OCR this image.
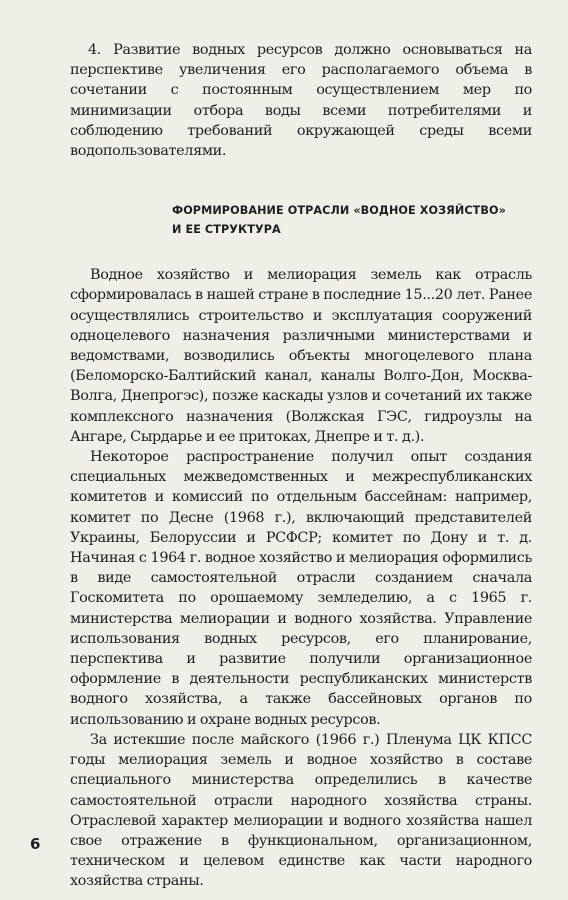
4. Развитие водных ресурсов должно основываться на перспективе увеличения его располагаемого объема в сочетании с постоянным осуществлением мер по минимизации отбора воды всеми потребителями и соблюдению требований окружающей среды всеми водопользователями.

ФОРМИРОВАНИЕ ОТРАСЛИ «ВОДНОЕ ХОЗЯЙСТВО»
И ЕЕ СТРУКТУРА

Водное хозяйство и мелиорация земель как отрасль сформировалась в нашей стране в последние 15...20 лет. Ранее осуществлялись строительство и эксплуатация сооружений одноцелевого назначения различными министерствами и ведомствами, возводились объекты многоцелевого плана (Беломорско-Балтийский канал, каналы Волго-Дон, Москва-Волга, Днепрогэс), позже каскады узлов и сочетаний их также комплексного назначения (Волжская ГЭС, гидроузлы на Ангаре, Сырдарье и ее притоках, Днепре и т. д.).

Некоторое распространение получил опыт создания специальных межведомственных и межреспубликанских комитетов и комиссий по отдельным бассейнам: например, комитет по Десне (1968 г.), включающий представителей Украины, Белоруссии и РСФСР; комитет по Дону и т. д. Начиная с 1964 г. водное хозяйство и мелиорация оформились в виде самостоятельной отрасли созданием сначала Госкомитета по орошаемому земледелию, а с 1965 г. министерства мелиорации и водного хозяйства. Управление использования водных ресурсов, его планирование, перспектива и развитие получили организационное оформление в деятельности республиканских министерств водного хозяйства, а также бассейновых органов по использованию и охране водных ресурсов.

За истекшие после майского (1966 г.) Пленума ЦК КПСС годы мелиорация земель и водное хозяйство в составе специального министерства определились в качестве самостоятельной отрасли народного хозяйства страны. Отраслевой характер мелиорации и водного хозяйства нашел свое отражение в функциональном, организационном, техническом и целевом единстве как части народного хозяйства страны.

6
